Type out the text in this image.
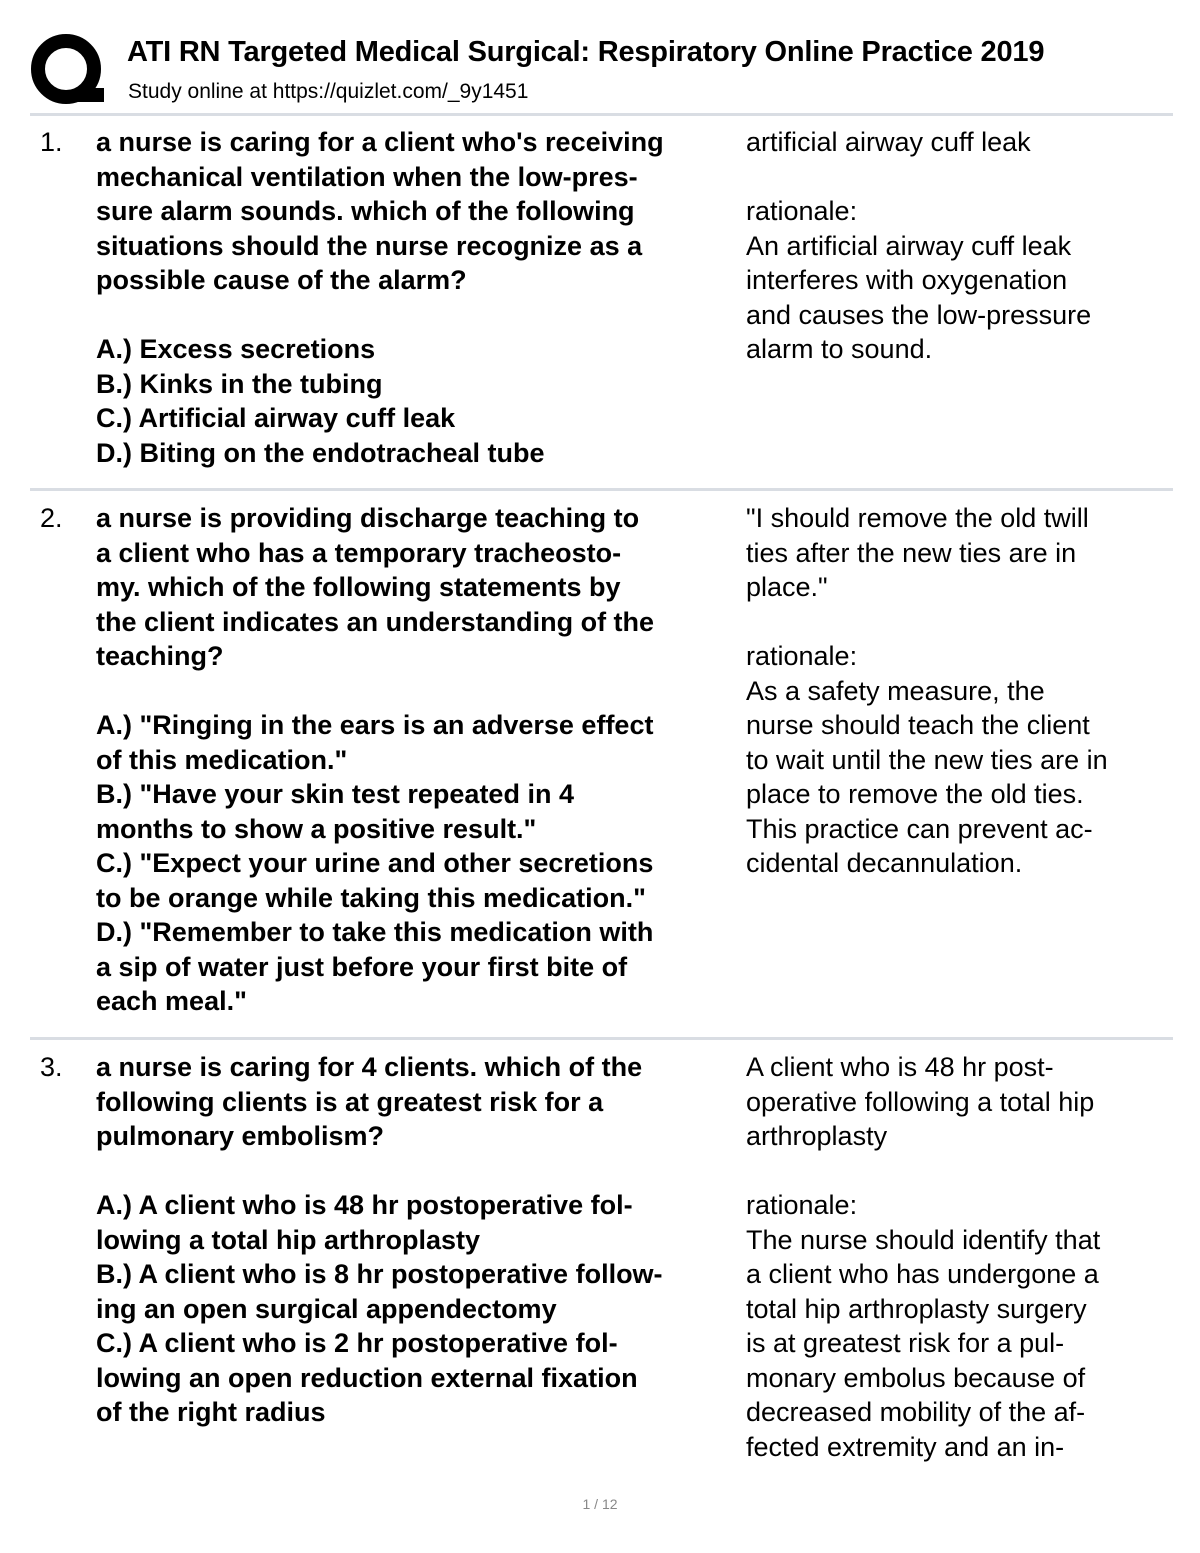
ATI RN Targeted Medical Surgical: Respiratory Online Practice 2019
Study online at https://quizlet.com/_9y1451
1. a nurse is caring for a client who's receiving
mechanical ventilation when the low-pres-
sure alarm sounds. which of the following
situations should the nurse recognize as a
possible cause of the alarm?
A.) Excess secretions
B.) Kinks in the tubing
C.) Artificial airway cuff leak
D.) Biting on the endotracheal tube
artificial airway cuff leak
rationale:
An artificial airway cuff leak
interferes with oxygenation
and causes the low-pressure
alarm to sound.
2. a nurse is providing discharge teaching to
a client who has a temporary tracheosto-
my. which of the following statements by
the client indicates an understanding of the
teaching?
A.) "Ringing in the ears is an adverse effect
of this medication."
B.) "Have your skin test repeated in 4
months to show a positive result."
C.) "Expect your urine and other secretions
to be orange while taking this medication."
D.) "Remember to take this medication with
a sip of water just before your first bite of
each meal."
"I should remove the old twill
ties after the new ties are in
place."
rationale:
As a safety measure, the
nurse should teach the client
to wait until the new ties are in
place to remove the old ties.
This practice can prevent ac-
cidental decannulation.
3. a nurse is caring for 4 clients. which of the
following clients is at greatest risk for a
pulmonary embolism?
A.) A client who is 48 hr postoperative fol-
lowing a total hip arthroplasty
B.) A client who is 8 hr postoperative follow-
ing an open surgical appendectomy
C.) A client who is 2 hr postoperative fol-
lowing an open reduction external fixation
of the right radius
A client who is 48 hr post-
operative following a total hip
arthroplasty
rationale:
The nurse should identify that
a client who has undergone a
total hip arthroplasty surgery
is at greatest risk for a pul-
monary embolus because of
decreased mobility of the af-
fected extremity and an in-
1 / 12
